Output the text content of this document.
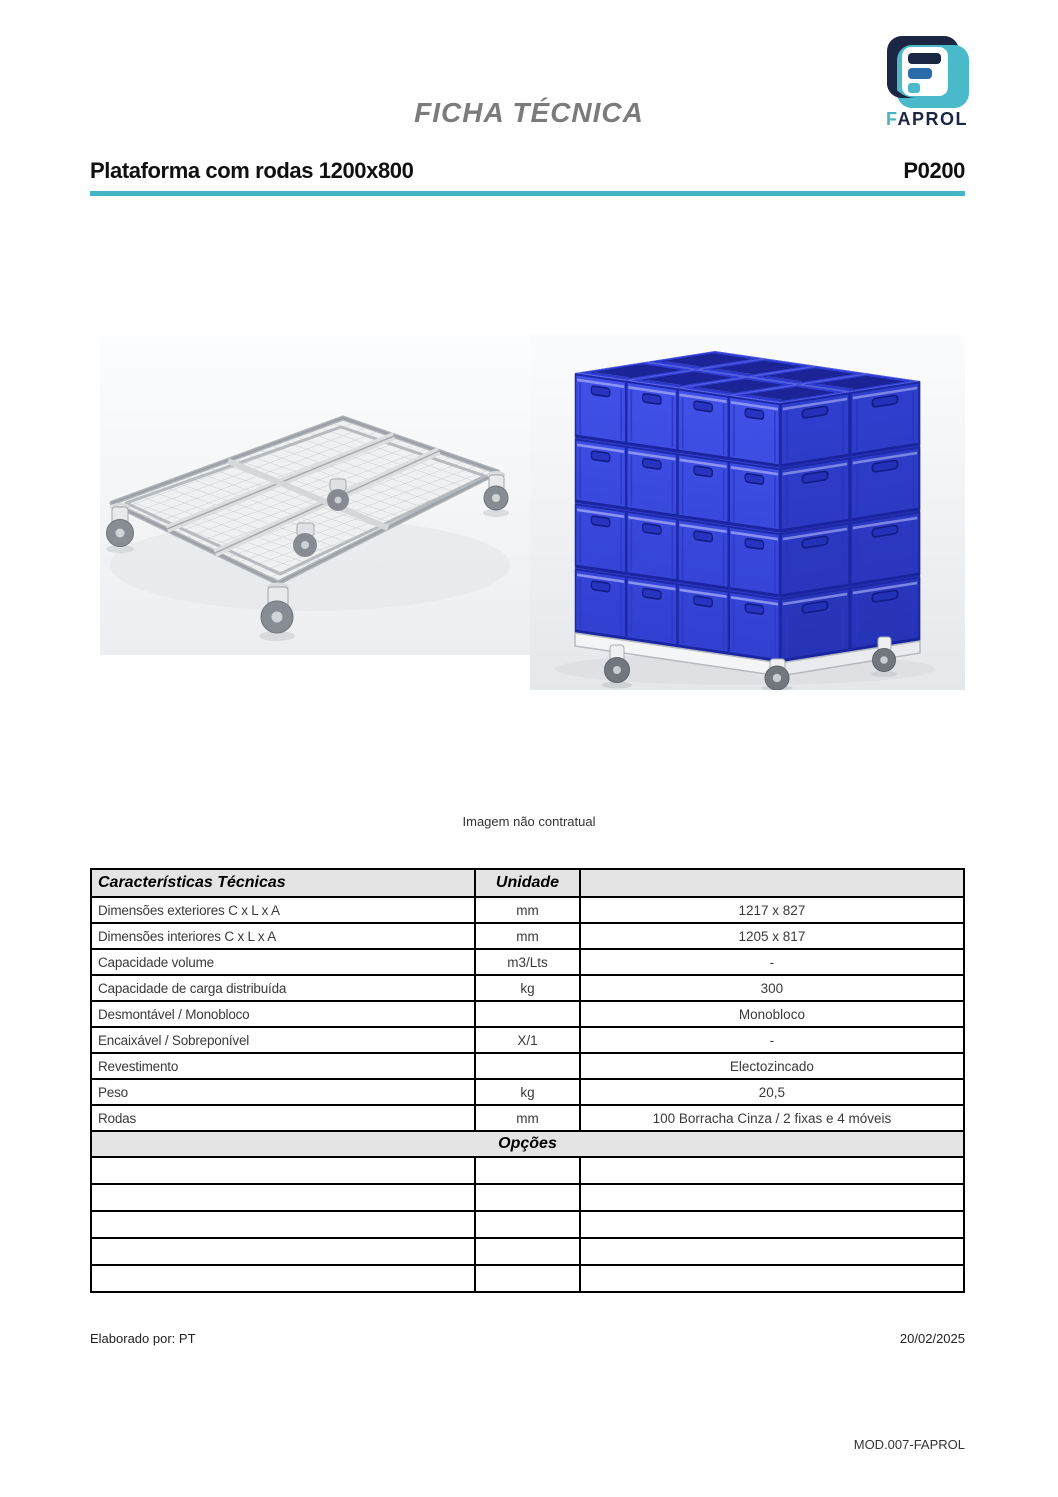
FICHA TÉCNICA	FAPROL
Plataforma com rodas 1200x800	P0200
Imagem não contratual
Características Técnicas	Unidade	
Dimensões exteriores C x L x A	mm	1217 x 827
Dimensões interiores C x L x A	mm	1205 x 817
Capacidade volume	m3/Lts	-
Capacidade de carga distribuída	kg	300
Desmontável / Monobloco		Monobloco
Encaixável / Sobreponível	X/1	-
Revestimento		Electozincado
Peso	kg	20,5
Rodas	mm	100 Borracha Cinza / 2 fixas e 4 móveis
Opções		

Elaborado por: PT	20/02/2025
MOD.007-FAPROL
